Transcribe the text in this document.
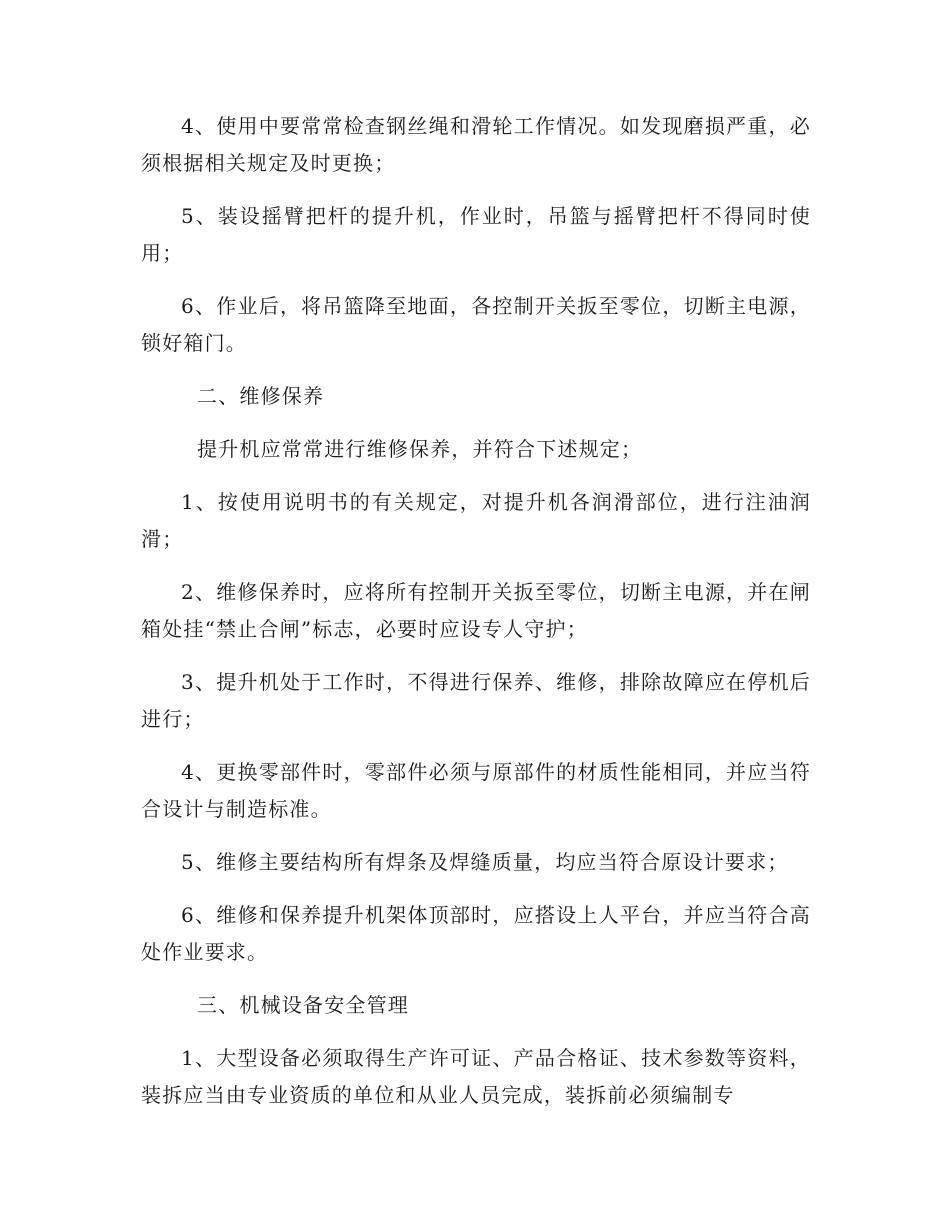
4、使用中要常常检查钢丝绳和滑轮工作情况。如发现磨损严重，必须根据相关规定及时更换；

5、装设摇臂把杆的提升机，作业时，吊篮与摇臂把杆不得同时使用；

6、作业后，将吊篮降至地面，各控制开关扳至零位，切断主电源，锁好箱门。

二、维修保养

提升机应常常进行维修保养，并符合下述规定；

1、按使用说明书的有关规定，对提升机各润滑部位，进行注油润滑；

2、维修保养时，应将所有控制开关扳至零位，切断主电源，并在闸箱处挂“禁止合闸”标志，必要时应设专人守护；

3、提升机处于工作时，不得进行保养、维修，排除故障应在停机后进行；

4、更换零部件时，零部件必须与原部件的材质性能相同，并应当符合设计与制造标准。

5、维修主要结构所有焊条及焊缝质量，均应当符合原设计要求；

6、维修和保养提升机架体顶部时，应搭设上人平台，并应当符合高处作业要求。

三、机械设备安全管理

1、大型设备必须取得生产许可证、产品合格证、技术参数等资料，装拆应当由专业资质的单位和从业人员完成，装拆前必须编制专
